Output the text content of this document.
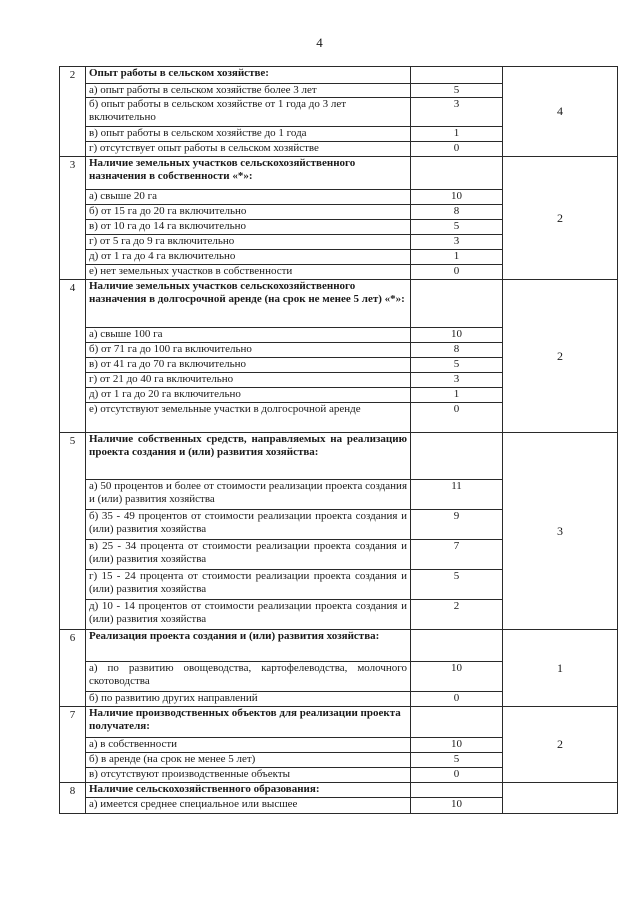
4
2	Опыт работы в сельском хозяйстве:		4
	а) опыт работы в сельском хозяйстве более 3 лет	5	
	б) опыт работы в сельском хозяйстве от 1 года до 3 лет включительно	3	
	в) опыт работы в сельском хозяйстве до 1 года	1	
	г) отсутствует опыт работы в сельском хозяйстве	0	
3	Наличие земельных участков сельскохозяйственного назначения в собственности «*»:		2
	а) свыше 20 га	10	
	б) от 15 га до 20 га включительно	8	
	в) от 10 га до 14 га включительно	5	
	г) от 5 га до 9 га включительно	3	
	д) от 1 га до 4 га включительно	1	
	е) нет земельных участков в собственности	0	
4	Наличие земельных участков сельскохозяйственного назначения в долгосрочной аренде (на срок не менее 5 лет) «*»:		2
	а) свыше 100 га	10	
	б) от 71 га до 100 га включительно	8	
	в) от 41 га до 70 га включительно	5	
	г) от 21 до 40 га включительно	3	
	д) от 1 га до 20 га включительно	1	
	е) отсутствуют земельные участки в долгосрочной аренде	0	
5	Наличие собственных средств, направляемых на реализацию проекта создания и (или) развития хозяйства:		3
	а) 50 процентов и более от стоимости реализации проекта создания и (или) развития хозяйства	11	
	б) 35 - 49 процентов от стоимости реализации проекта создания и (или) развития хозяйства	9	
	в) 25 - 34 процента от стоимости реализации проекта создания и (или) развития хозяйства	7	
	г) 15 - 24 процента от стоимости реализации проекта создания и (или) развития хозяйства	5	
	д) 10 - 14 процентов от стоимости реализации проекта создания и (или) развития хозяйства	2	
6	Реализация проекта создания и (или) развития хозяйства:		1
	а) по развитию овощеводства, картофелеводства, молочного скотоводства	10	
	б) по развитию других направлений	0	
7	Наличие производственных объектов для реализации проекта получателя:		2
	а) в собственности	10	
	б) в аренде (на срок не менее 5 лет)	5	
	в) отсутствуют производственные объекты	0	
8	Наличие сельскохозяйственного образования:		
	а) имеется среднее специальное или высшее	10	
